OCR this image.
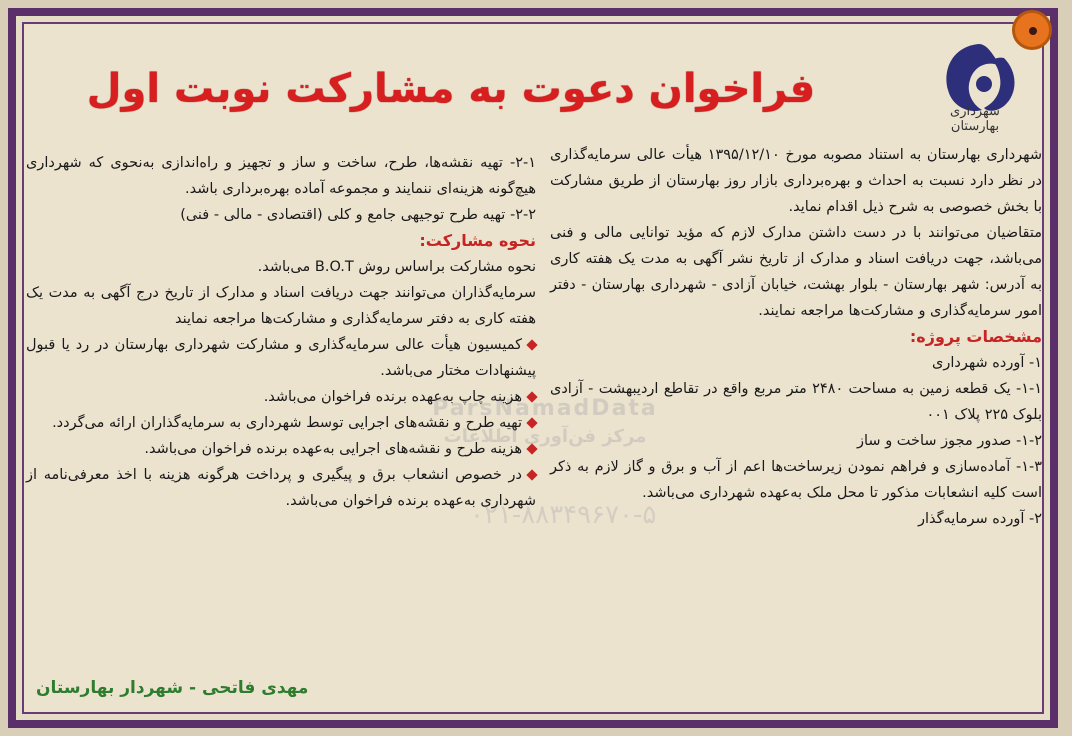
شهرداری بهارستان
فراخوان دعوت به مشارکت نوبت اول

شهرداری بهارستان به استناد مصوبه مورخ ۱۳۹۵/۱۲/۱۰ هیأت عالی سرمایه‌گذاری در نظر دارد نسبت به احداث و بهره‌برداری بازار روز بهارستان از طریق مشارکت با بخش خصوصی به شرح ذیل اقدام نماید.

متقاضیان می‌توانند با در دست داشتن مدارک لازم که مؤید توانایی مالی و فنی می‌باشد، جهت دریافت اسناد و مدارک از تاریخ نشر آگهی به مدت یک هفته کاری به آدرس: شهر بهارستان - بلوار بهشت، خیابان آزادی - شهرداری بهارستان - دفتر امور سرمایه‌گذاری و مشارکت‌ها مراجعه نمایند.

مشخصات پروژه:

۱- آورده شهرداری

۱-۱- یک قطعه زمین به مساحت ۲۴۸۰ متر مربع واقع در تقاطع اردیبهشت - آزادی بلوک ۲۲۵ پلاک ۰۰۱

۱-۲- صدور مجوز ساخت و ساز

۱-۳- آماده‌سازی و فراهم نمودن زیرساخت‌ها اعم از آب و برق و گاز لازم به ذکر است کلیه انشعابات مذکور تا محل ملک به‌عهده شهرداری می‌باشد.

۲- آورده سرمایه‌گذار

۲-۱- تهیه نقشه‌ها، طرح، ساخت و ساز و تجهیز و راه‌اندازی به‌نحوی که شهرداری هیچ‌گونه هزینه‌ای ننمایند و مجموعه آماده بهره‌برداری باشد.

۲-۲- تهیه طرح توجیهی جامع و کلی (اقتصادی - مالی - فنی)

نحوه مشارکت:

نحوه مشارکت براساس روش B.O.T می‌باشد.

سرمایه‌گذاران می‌توانند جهت دریافت اسناد و مدارک از تاریخ درج آگهی به مدت یک هفته کاری به دفتر سرمایه‌گذاری و مشارکت‌ها مراجعه نمایند

کمیسیون هیأت عالی سرمایه‌گذاری و مشارکت شهرداری بهارستان در رد یا قبول پیشنهادات مختار می‌باشد.

هزینه چاپ به‌عهده برنده فراخوان می‌باشد.

تهیه طرح و نقشه‌های اجرایی توسط شهرداری به سرمایه‌گذاران ارائه می‌گردد.

هزینه طرح و نقشه‌های اجرایی به‌عهده برنده فراخوان می‌باشد.

در خصوص انشعاب برق و پیگیری و پرداخت هرگونه هزینه با اخذ معرفی‌نامه از شهرداری به‌عهده برنده فراخوان می‌باشد.

ParsNamadData
مرکز فن‌آوری اطلاعات
۰۲۱-۸۸۳۴۹۶۷۰-۵
مهدی فاتحی - شهردار بهارستان
